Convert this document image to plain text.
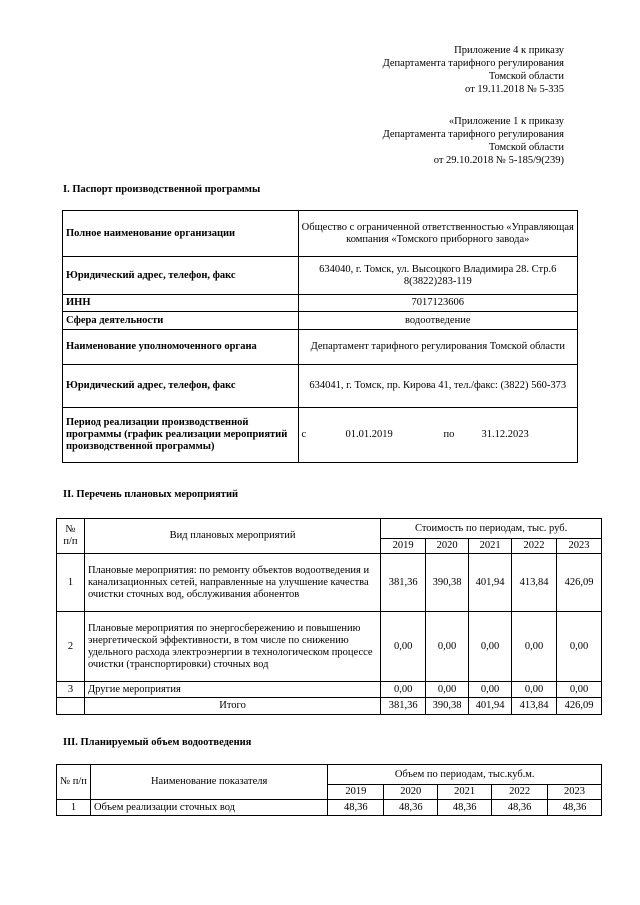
Приложение 4 к приказу
Департамента тарифного регулирования
Томской области
от 19.11.2018 № 5-335
«Приложение 1 к приказу
Департамента тарифного регулирования
Томской области
от 29.10.2018 № 5-185/9(239)
I. Паспорт производственной программы
Полное наименование организации	Общество с ограниченной ответственностью «Управляющая компания «Томского приборного завода»
Юридический адрес, телефон, факс	634040, г. Томск, ул. Высоцкого Владимира 28. Стр.6 8(3822)283-119
ИНН	7017123606
Сфера деятельности	водоотведение
Наименование уполномоченного органа	Департамент тарифного регулирования Томской области
Юридический адрес, телефон, факс	634041, г. Томск, пр. Кирова 41, тел./факс: (3822) 560-373
Период реализации производственной программы (график реализации мероприятий производственной программы)	с 01.01.2019 по 31.12.2023
II. Перечень плановых мероприятий
№ п/п	Вид плановых мероприятий	Стоимость по периодам, тыс. руб.				
		2019	2020	2021	2022	2023
1	Плановые мероприятия: по ремонту объектов водоотведения и канализационных сетей, направленные на улучшение качества очистки сточных вод, обслуживания абонентов	381,36	390,38	401,94	413,84	426,09
2	Плановые мероприятия по энергосбережению и повышению энергетической эффективности, в том числе по снижению удельного расхода электроэнергии в технологическом процессе очистки (транспортировки) сточных вод	0,00	0,00	0,00	0,00	0,00
3	Другие мероприятия	0,00	0,00	0,00	0,00	0,00
	Итого	381,36	390,38	401,94	413,84	426,09
III. Планируемый объем водоотведения
№ п/п	Наименование показателя	Объем по периодам, тыс.куб.м.				
		2019	2020	2021	2022	2023
1	Объем реализации сточных вод	48,36	48,36	48,36	48,36	48,36
